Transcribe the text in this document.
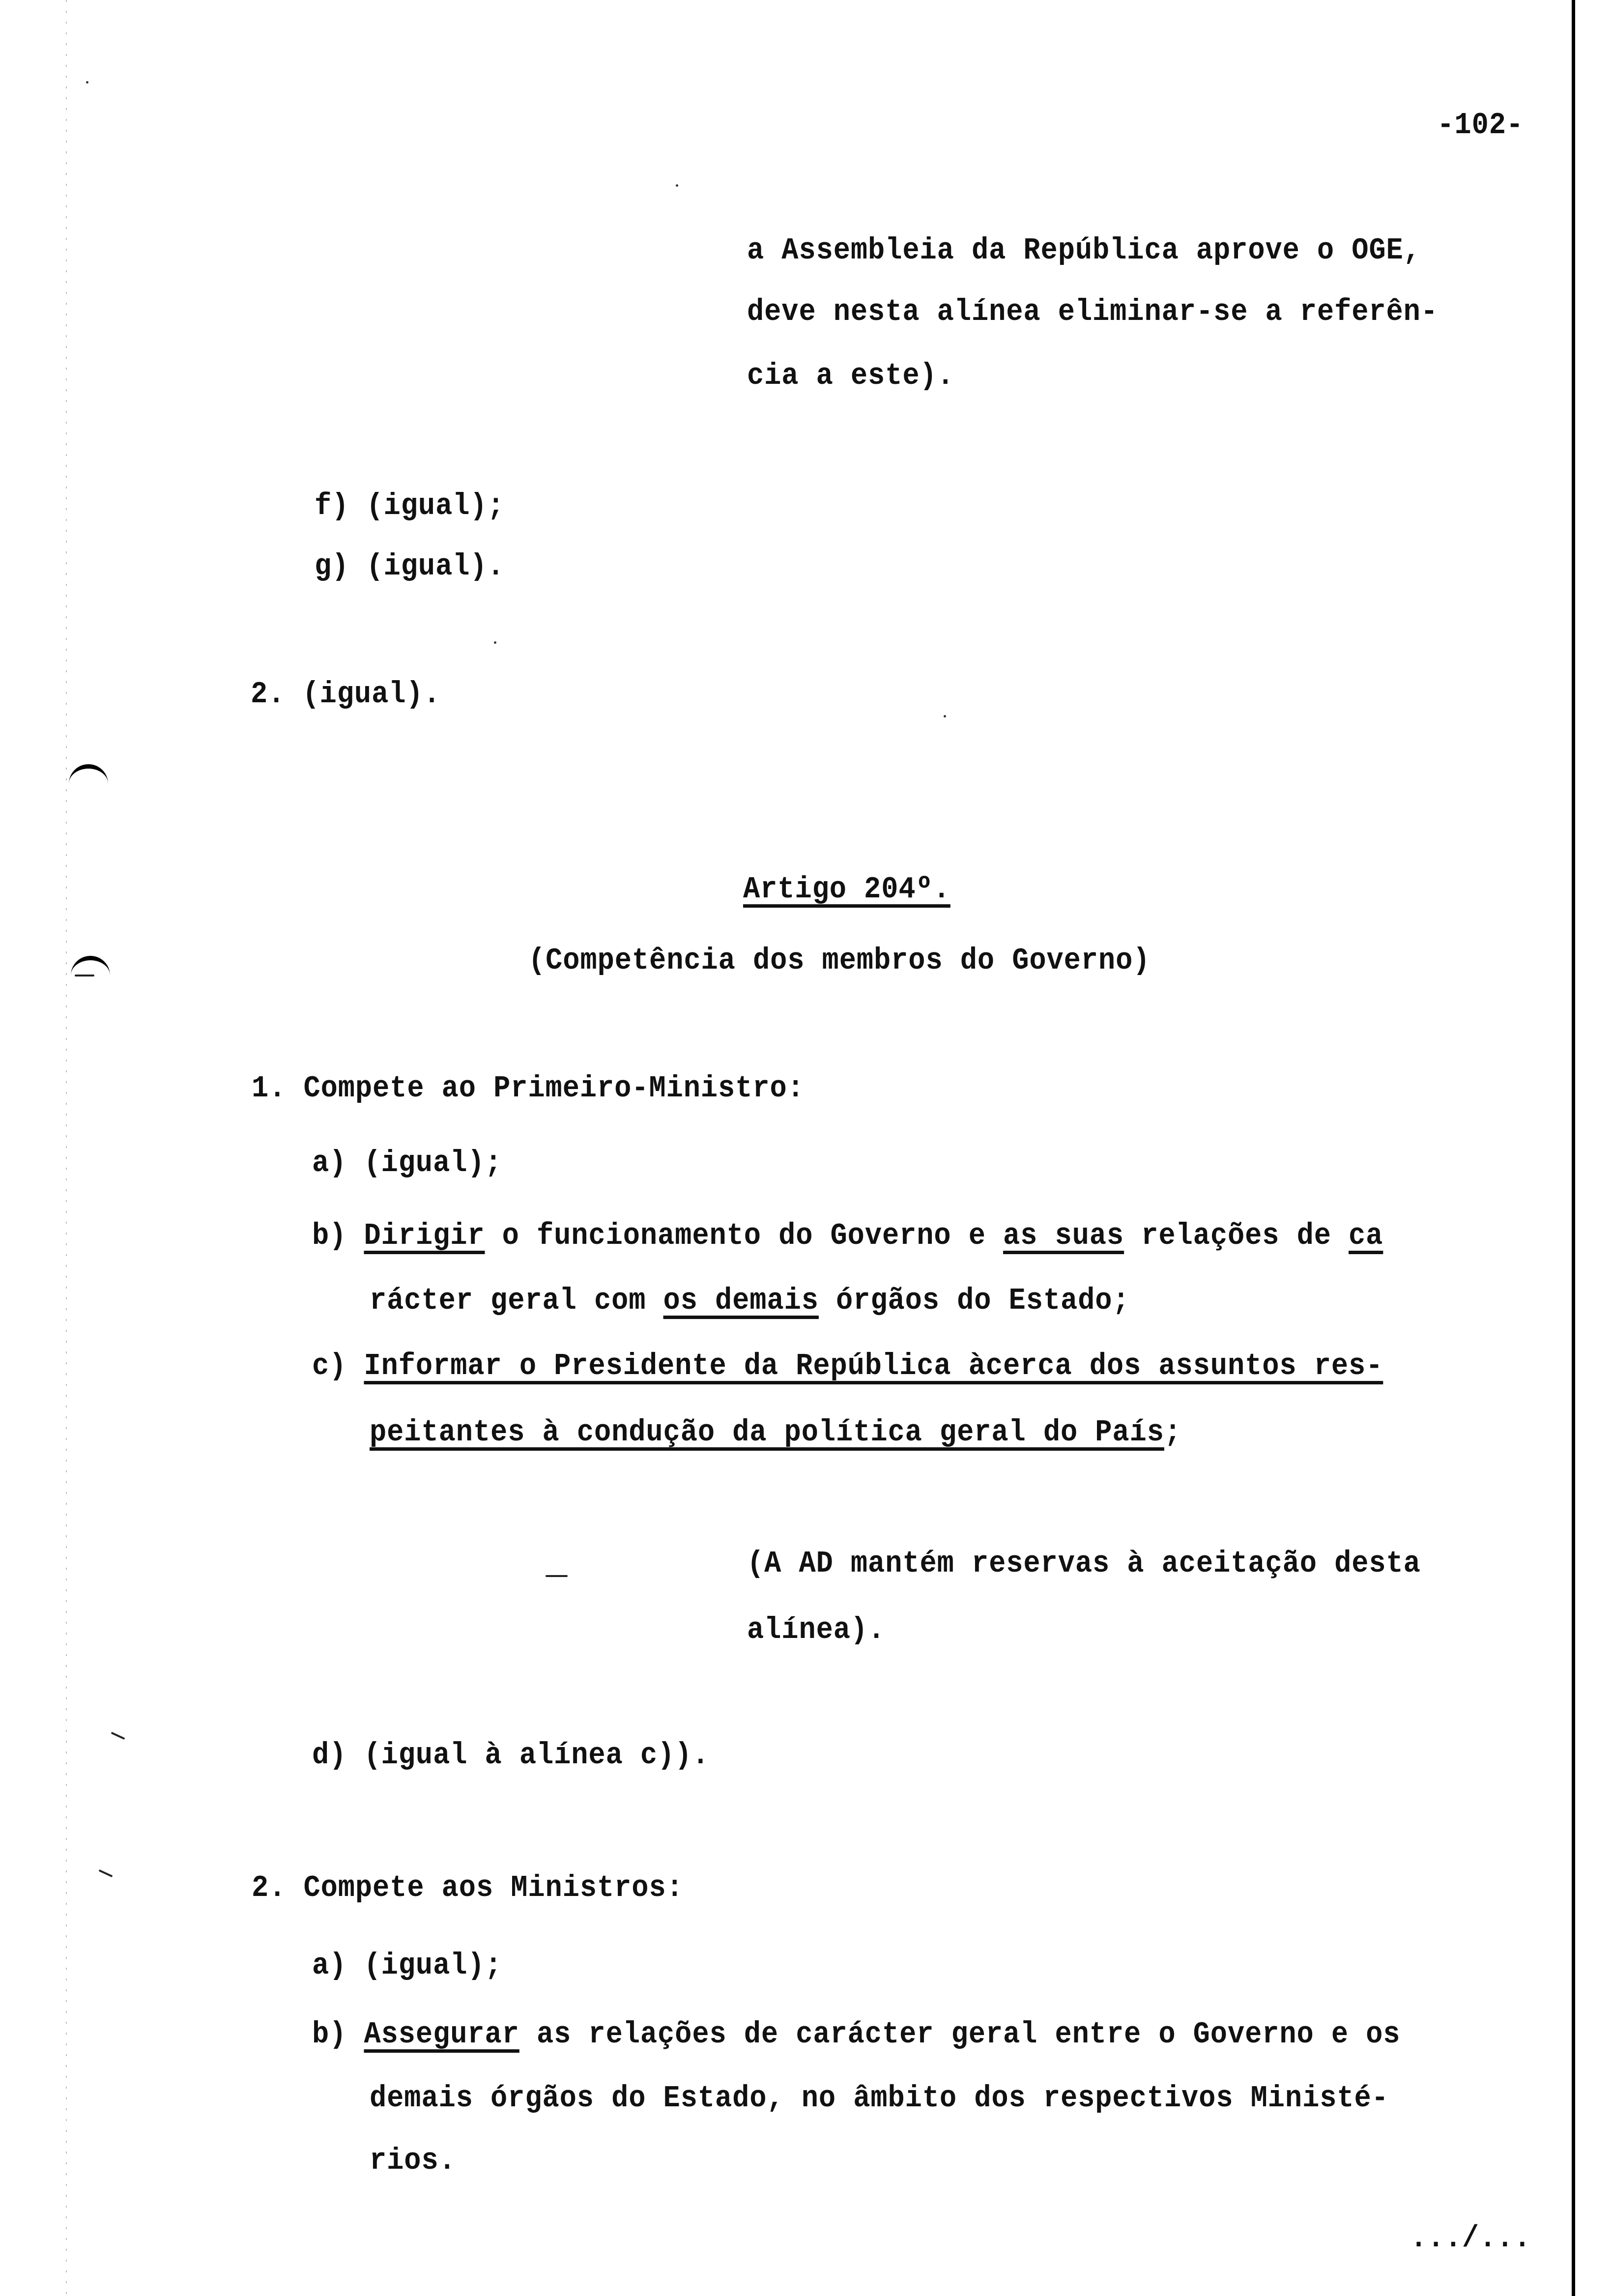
-102-
a Assembleia da República aprove o OGE,
deve nesta alínea eliminar-se a referên-
cia a este).
f) (igual);
g) (igual).
2. (igual).
Artigo 204º.
(Competência dos membros do Governo)
1. Compete ao Primeiro-Ministro:
a) (igual);
b) Dirigir o funcionamento do Governo e as suas relações de ca
rácter geral com os demais órgãos do Estado;
c) Informar o Presidente da República àcerca dos assuntos res-
peitantes à condução da política geral do País;
(A AD mantém reservas à aceitação desta
alínea).
d) (igual à alínea c)).
2. Compete aos Ministros:
a) (igual);
b) Assegurar as relações de carácter geral entre o Governo e os
demais órgãos do Estado, no âmbito dos respectivos Ministé-
rios.
.../...
